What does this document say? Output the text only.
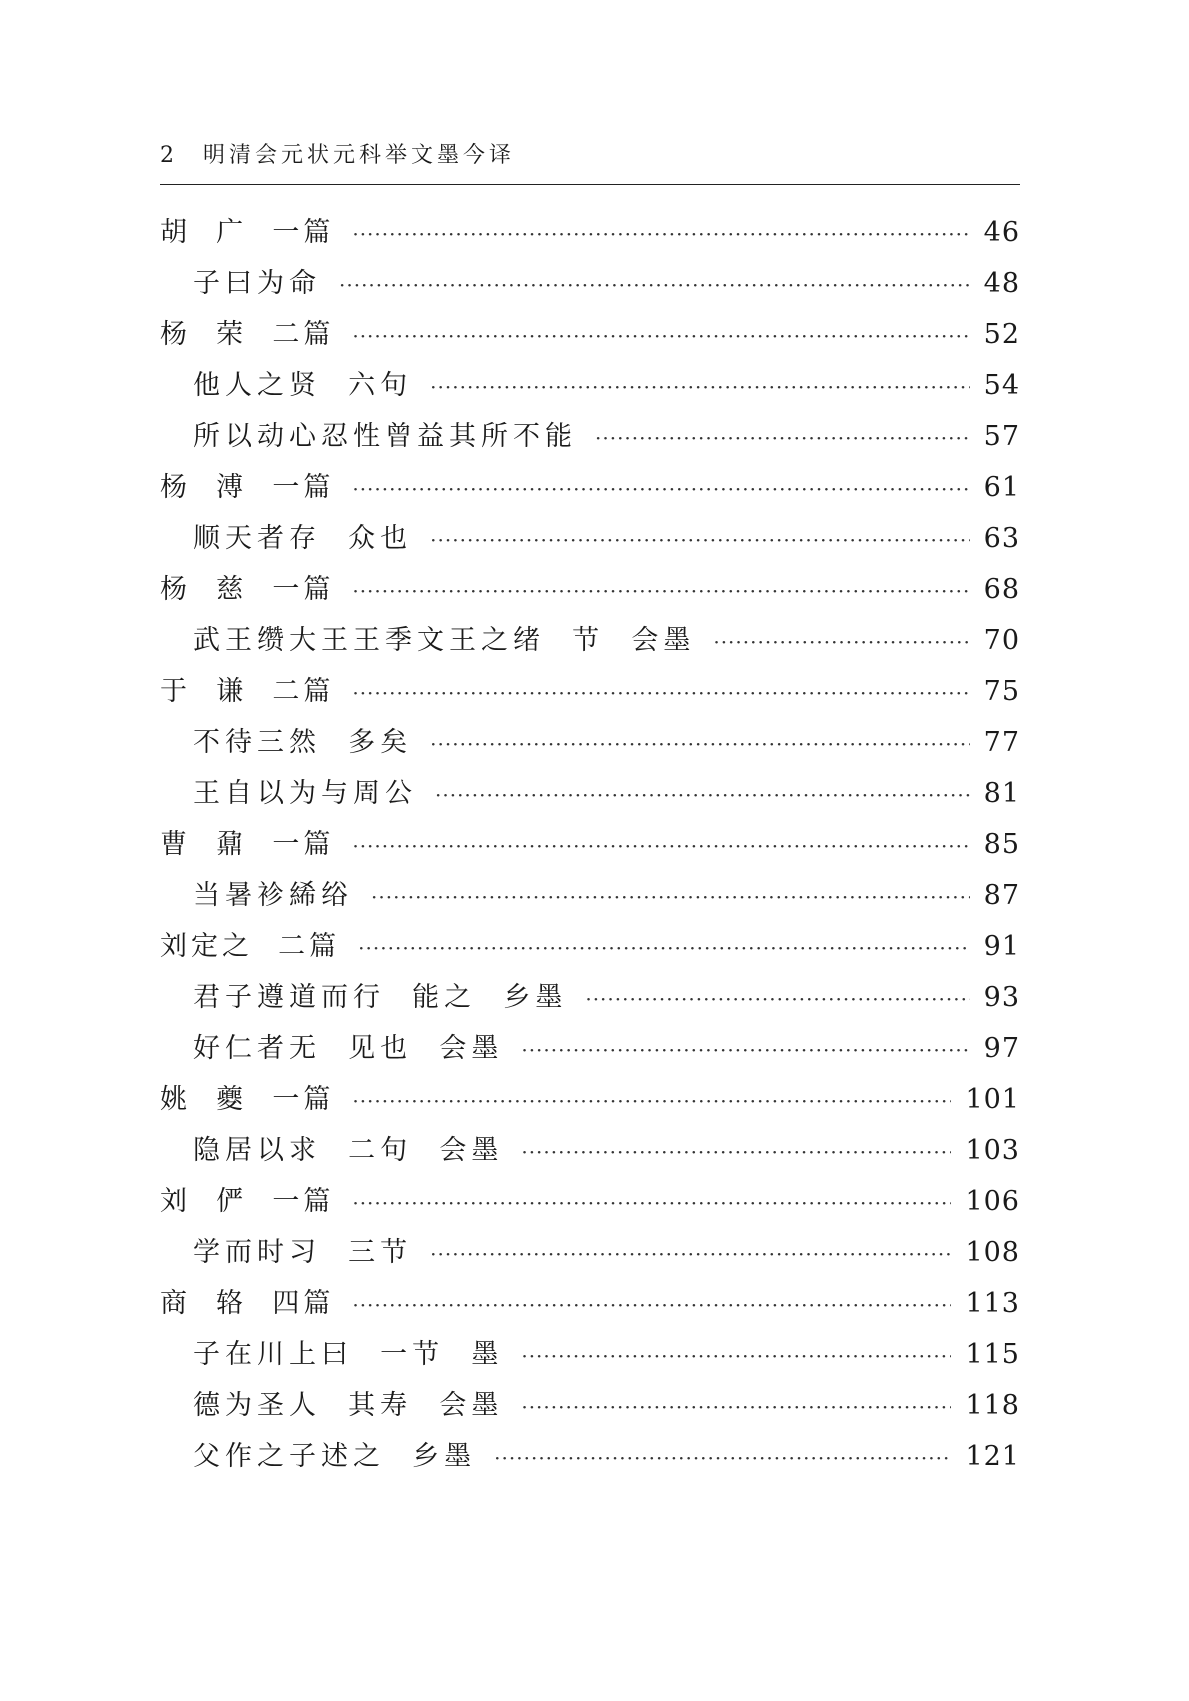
2 明清会元状元科举文墨今译
胡  广  一篇 ·····	46
子曰为命 ·····	48
杨  荣  二篇 ·····	52
他人之贤  六句 ·····	54
所以动心忍性曾益其所不能 ·····	57
杨  溥  一篇 ·····	61
顺天者存  众也 ·····	63
杨  慈  一篇 ·····	68
武王缵大王王季文王之绪  节  会墨 ·····	70
于  谦  二篇 ·····	75
不待三然  多矣 ·····	77
王自以为与周公 ·····	81
曹  鼐  一篇 ·····	85
当暑袗絺绤 ·····	87
刘定之  二篇 ·····	91
君子遵道而行  能之  乡墨 ·····	93
好仁者无  见也  会墨 ·····	97
姚  夔  一篇 ·····	101
隐居以求  二句  会墨 ·····	103
刘  俨  一篇 ·····	106
学而时习  三节 ·····	108
商  辂  四篇 ·····	113
子在川上曰  一节  墨 ·····	115
德为圣人  其寿  会墨 ·····	118
父作之子述之  乡墨 ·····	121
